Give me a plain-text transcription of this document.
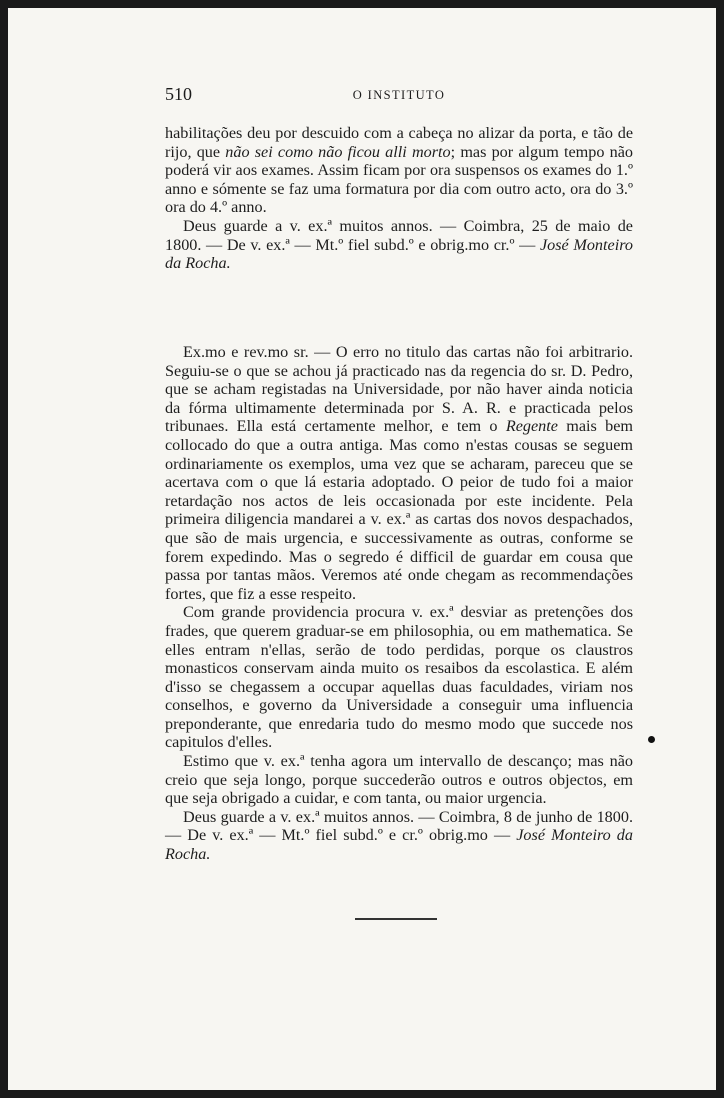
510	O INSTITUTO

habilitações deu por descuido com a cabeça no alizar da porta, e tão de rijo, que não sei como não ficou alli morto; mas por algum tempo não poderá vir aos exames. Assim ficam por ora suspensos os exames do 1.º anno e sómente se faz uma formatura por dia com outro acto, ora do 3.º ora do 4.º anno.

Deus guarde a v. ex.ª muitos annos. — Coimbra, 25 de maio de 1800. — De v. ex.ª — Mt.º fiel subd.º e obrig.mo cr.º — José Monteiro da Rocha.

Ex.mo e rev.mo sr. — O erro no titulo das cartas não foi arbitrario. Seguiu-se o que se achou já practicado nas da regencia do sr. D. Pedro, que se acham registadas na Universidade, por não haver ainda noticia da fórma ultimamente determinada por S. A. R. e practicada pelos tribunaes. Ella está certamente melhor, e tem o Regente mais bem collocado do que a outra antiga. Mas como n'estas cousas se seguem ordinariamente os exemplos, uma vez que se acharam, pareceu que se acertava com o que lá estaria adoptado. O peior de tudo foi a maior retardação nos actos de leis occasionada por este incidente. Pela primeira diligencia mandarei a v. ex.ª as cartas dos novos despachados, que são de mais urgencia, e successivamente as outras, conforme se forem expedindo. Mas o segredo é difficil de guardar em cousa que passa por tantas mãos. Veremos até onde chegam as recommendações fortes, que fiz a esse respeito.

Com grande providencia procura v. ex.ª desviar as pretenções dos frades, que querem graduar-se em philosophia, ou em mathematica. Se elles entram n'ellas, serão de todo perdidas, porque os claustros monasticos conservam ainda muito os resaibos da escolastica. E além d'isso se chegassem a occupar aquellas duas faculdades, viriam nos conselhos, e governo da Universidade a conseguir uma influencia preponderante, que enredaria tudo do mesmo modo que succede nos capitulos d'elles.

Estimo que v. ex.ª tenha agora um intervallo de descanço; mas não creio que seja longo, porque succederão outros e outros objectos, em que seja obrigado a cuidar, e com tanta, ou maior urgencia.

Deus guarde a v. ex.ª muitos annos. — Coimbra, 8 de junho de 1800. — De v. ex.ª — Mt.º fiel subd.º e cr.º obrig.mo — José Monteiro da Rocha.
